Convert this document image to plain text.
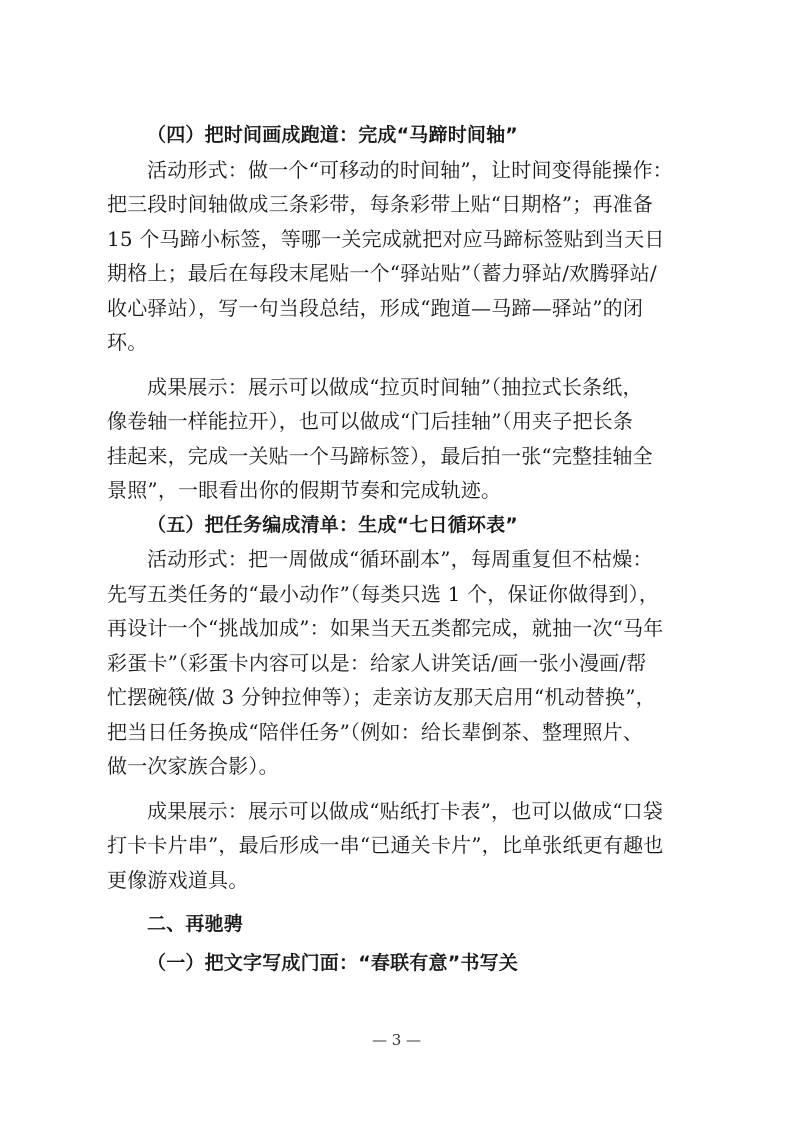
（四）把时间画成跑道：完成“马蹄时间轴”
活动形式：做一个“可移动的时间轴”，让时间变得能操作：
把三段时间轴做成三条彩带，每条彩带上贴“日期格”；再准备
15 个马蹄小标签，等哪一关完成就把对应马蹄标签贴到当天日
期格上；最后在每段末尾贴一个“驿站贴”（蓄力驿站/欢腾驿站/
收心驿站），写一句当段总结，形成“跑道—马蹄—驿站”的闭
环。
成果展示：展示可以做成“拉页时间轴”（抽拉式长条纸，
像卷轴一样能拉开），也可以做成“门后挂轴”（用夹子把长条
挂起来，完成一关贴一个马蹄标签），最后拍一张“完整挂轴全
景照”，一眼看出你的假期节奏和完成轨迹。
（五）把任务编成清单：生成“七日循环表”
活动形式：把一周做成“循环副本”，每周重复但不枯燥：
先写五类任务的“最小动作”（每类只选 1 个，保证你做得到），
再设计一个“挑战加成”：如果当天五类都完成，就抽一次“马年
彩蛋卡”（彩蛋卡内容可以是：给家人讲笑话/画一张小漫画/帮
忙摆碗筷/做 3 分钟拉伸等）；走亲访友那天启用“机动替换”，
把当日任务换成“陪伴任务”（例如：给长辈倒茶、整理照片、
做一次家族合影）。
成果展示：展示可以做成“贴纸打卡表”，也可以做成“口袋
打卡卡片串”，最后形成一串“已通关卡片”，比单张纸更有趣也
更像游戏道具。
二、再驰骋
（一）把文字写成门面：“春联有意”书写关
— 3 —
